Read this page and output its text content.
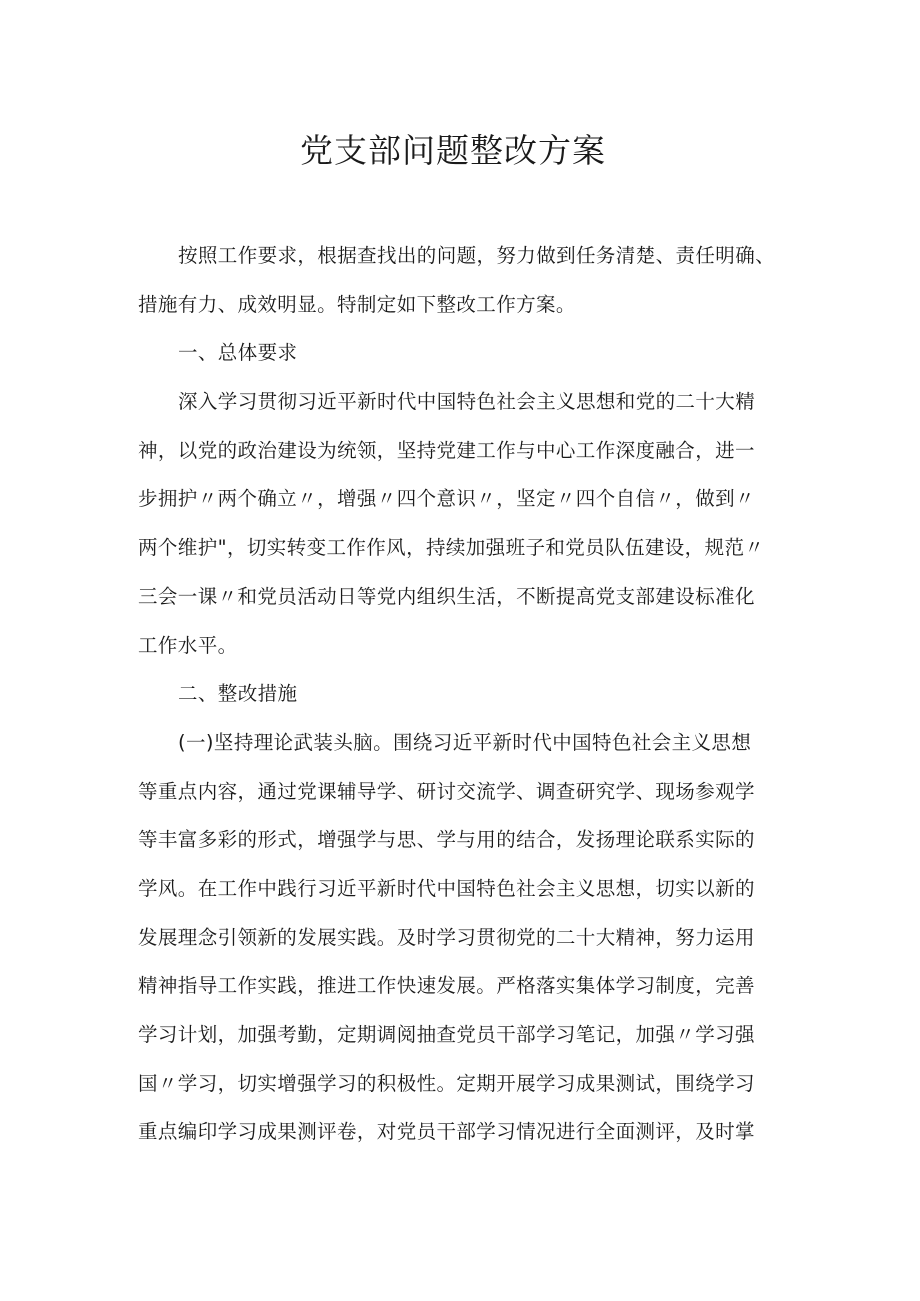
党支部问题整改方案
按照工作要求，根据查找出的问题，努力做到任务清楚、责任明确、
措施有力、成效明显。特制定如下整改工作方案。
一、总体要求
深入学习贯彻习近平新时代中国特色社会主义思想和党的二十大精
神，以党的政治建设为统领，坚持党建工作与中心工作深度融合，进一
步拥护〃两个确立〃，增强〃四个意识〃，坚定〃四个自信〃，做到〃
两个维护"，切实转变工作作风，持续加强班子和党员队伍建设，规范〃
三会一课〃和党员活动日等党内组织生活，不断提高党支部建设标准化
工作水平。
二、整改措施
(一)坚持理论武装头脑。围绕习近平新时代中国特色社会主义思想
等重点内容，通过党课辅导学、研讨交流学、调查研究学、现场参观学
等丰富多彩的形式，增强学与思、学与用的结合，发扬理论联系实际的
学风。在工作中践行习近平新时代中国特色社会主义思想，切实以新的
发展理念引领新的发展实践。及时学习贯彻党的二十大精神，努力运用
精神指导工作实践，推进工作快速发展。严格落实集体学习制度，完善
学习计划，加强考勤，定期调阅抽查党员干部学习笔记，加强〃学习强
国〃学习，切实增强学习的积极性。定期开展学习成果测试，围绕学习
重点编印学习成果测评卷，对党员干部学习情况进行全面测评，及时掌
